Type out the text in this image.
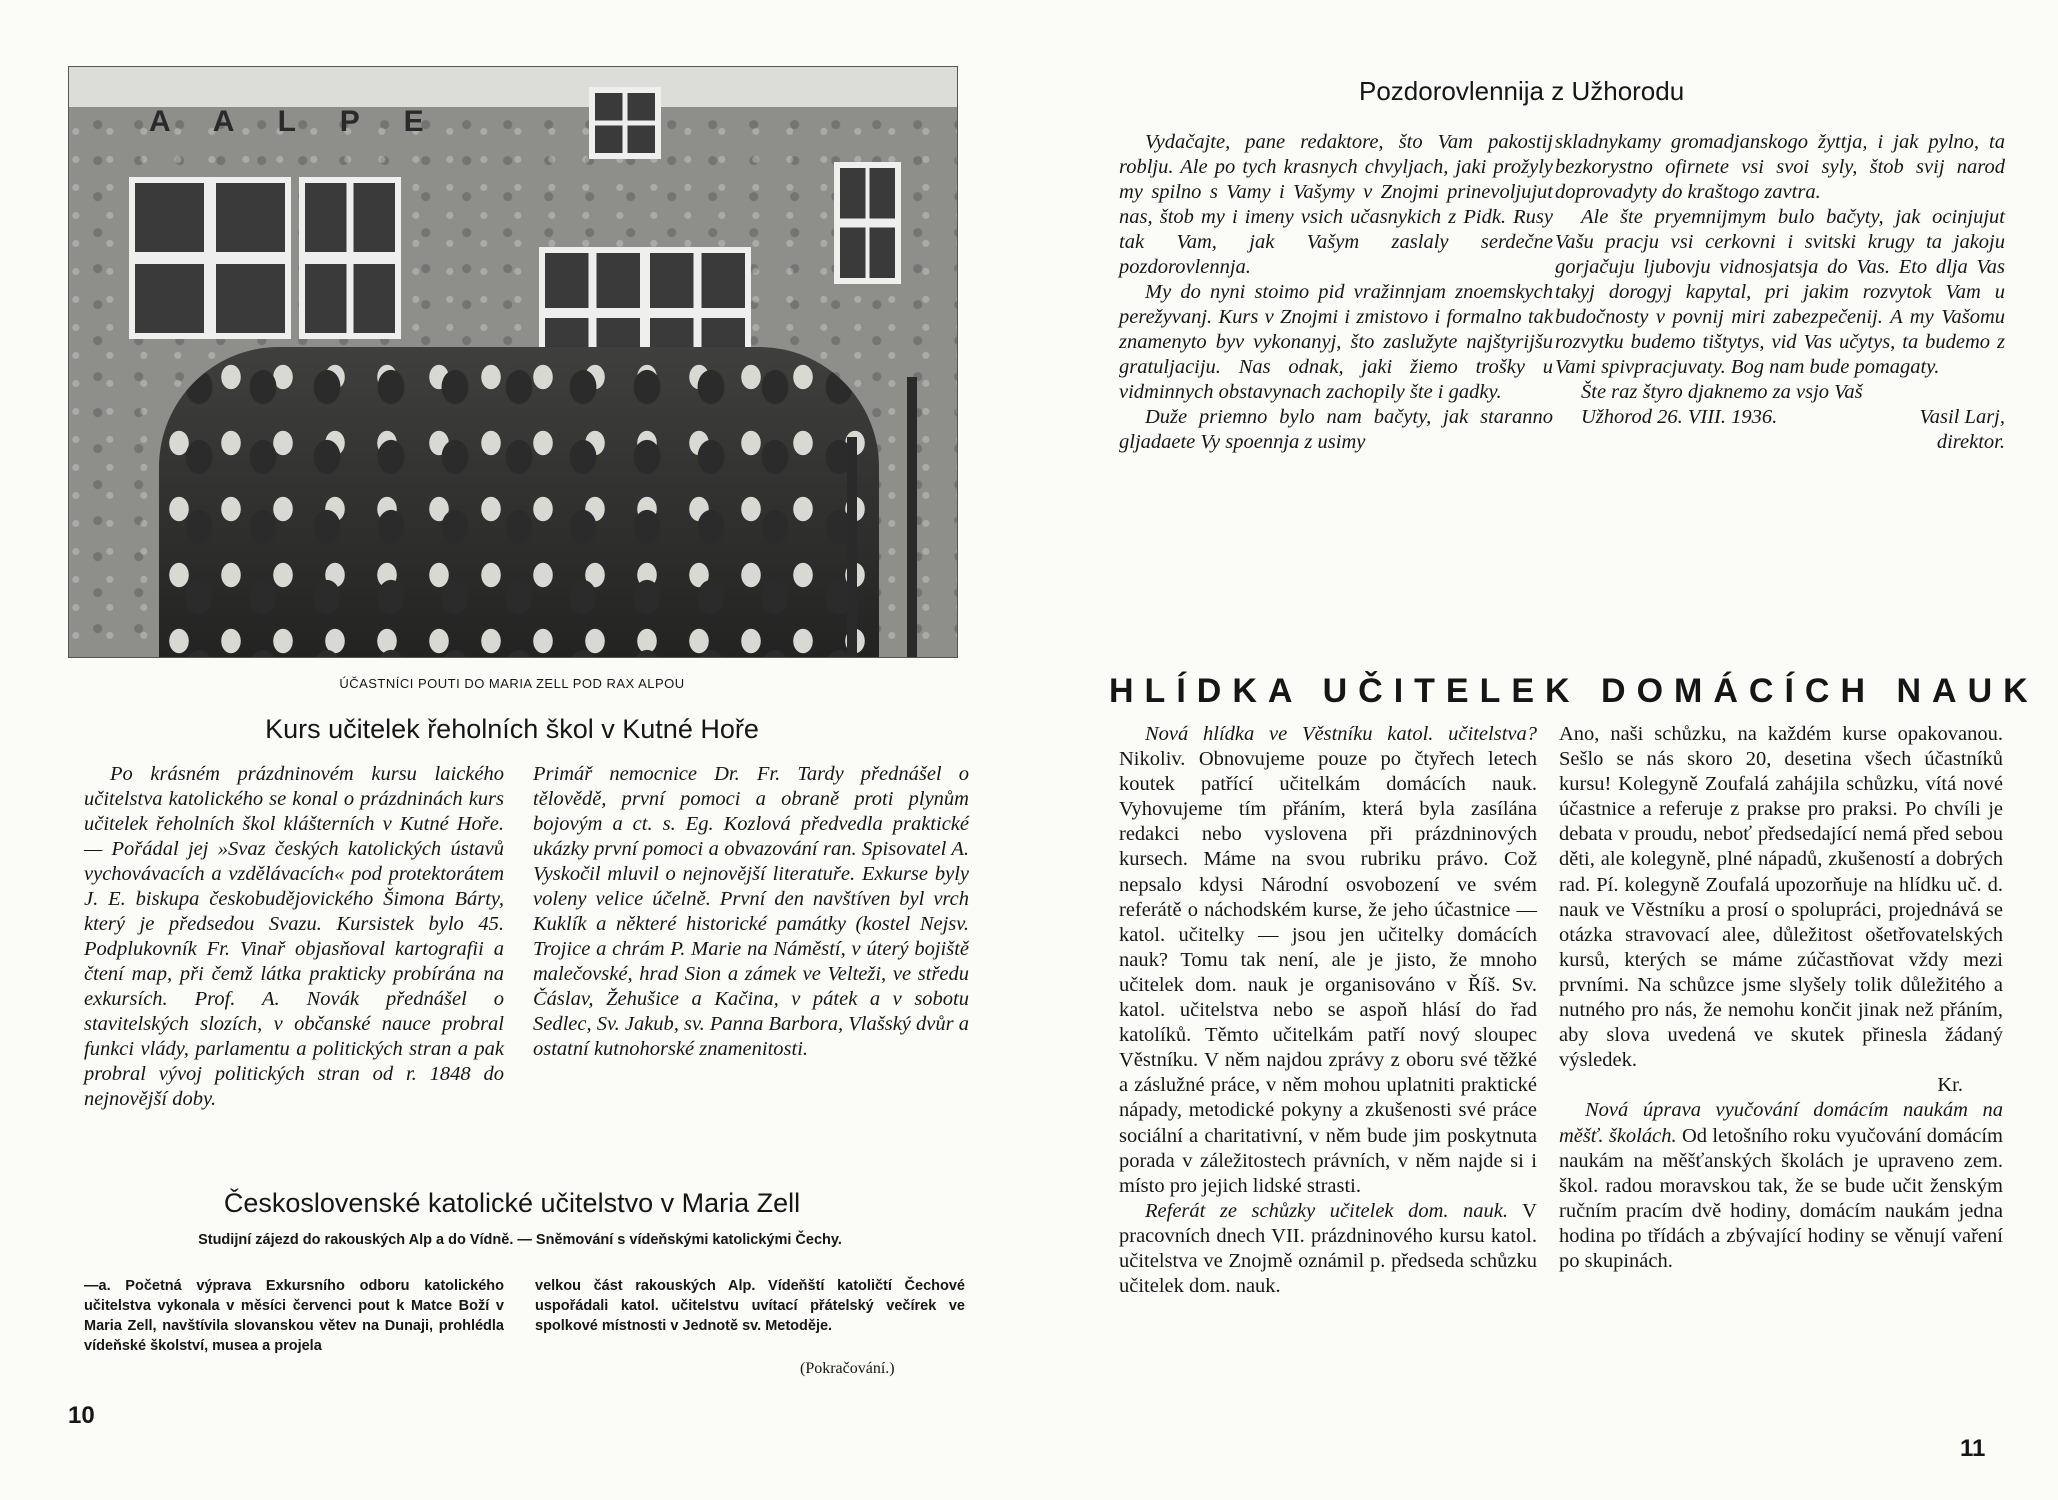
A A L P E
ÚČASTNÍCI POUTI DO MARIA ZELL POD RAX ALPOU
Kurs učitelek řeholních škol v Kutné Hoře

Po krásném prázdninovém kursu laického učitelstva katolického se konal o prázdninách kurs učitelek řeholních škol klášterních v Kutné Hoře. — Pořádal jej »Svaz českých katolických ústavů vychovávacích a vzdělávacích« pod protektorátem J. E. biskupa českobudějovického Šimona Bárty, který je předsedou Svazu. Kursistek bylo 45. Podplukovník Fr. Vinař objasňoval kartografii a čtení map, při čemž látka prakticky probírána na exkursích. Prof. A. Novák přednášel o stavitelských slozích, v občanské nauce probral funkci vlády, parlamentu a politických stran a pak probral vývoj politických stran od r. 1848 do nejnovější doby.

Primář nemocnice Dr. Fr. Tardy přednášel o tělovědě, první pomoci a obraně proti plynům bojovým a ct. s. Eg. Kozlová předvedla praktické ukázky první pomoci a obvazování ran. Spisovatel A. Vyskočil mluvil o nejnovější literatuře. Exkurse byly voleny velice účelně. První den navštíven byl vrch Kuklík a některé historické památky (kostel Nejsv. Trojice a chrám P. Marie na Náměstí, v úterý bojiště malečovské, hrad Sion a zámek ve Velteži, ve středu Čáslav, Žehušice a Kačina, v pátek a v sobotu Sedlec, Sv. Jakub, sv. Panna Barbora, Vlašský dvůr a ostatní kutnohorské znamenitosti.

Československé katolické učitelstvo v Maria Zell

Studijní zájezd do rakouských Alp a do Vídně. — Sněmování s vídeňskými katolickými Čechy.

—a. Početná výprava Exkursního odboru katolického učitelstva vykonala v měsíci červenci pout k Matce Boží v Maria Zell, navštívila slovanskou větev na Dunaji, prohlédla vídeňské školství, musea a projela

velkou část rakouských Alp. Vídeňští katoličtí Čechové uspořádali katol. učitelstvu uvítací přátelský večírek ve spolkové místnosti v Jednotě sv. Metoděje.

(Pokračování.)
10
Pozdorovlennija z Užhorodu

Vydačajte, pane redaktore, što Vam pakostij roblju. Ale po tych krasnych chvyljach, jaki prožyly my spilno s Vamy i Vašymy v Znojmi prinevoljujut nas, štob my i imeny vsich učasnykich z Pidk. Rusy tak Vam, jak Vašym zaslaly serdečne pozdorovlennja.

My do nyni stoimo pid vražinnjam znoemskych perežyvanj. Kurs v Znojmi i zmistovo i formalno tak znamenyto byv vykonanyj, što zaslužyte najštyrijšu gratuljaciju. Nas odnak, jaki žiemo trošky u vidminnych obstavynach zachopily šte i gadky.

Duže priemno bylo nam bačyty, jak staranno gljadaete Vy spoennja z usimy

skladnykamy gromadjanskogo žyttja, i jak pylno, ta bezkorystno ofirnete vsi svoi syly, štob svij narod doprovadyty do kraštogo zavtra.

Ale šte pryemnijmym bulo bačyty, jak ocinjujut Vašu pracju vsi cerkovni i svitski krugy ta jakoju gorjačuju ljubovju vidnosjatsja do Vas. Eto dlja Vas takyj dorogyj kapytal, pri jakim rozvytok Vam u budočnosty v povnij miri zabezpečenij. A my Vašomu rozvytku budemo tištytys, vid Vas učytys, ta budemo z Vami spivpracjuvaty. Bog nam bude pomagaty.

Šte raz štyro djaknemo za vsjo Vaš

Užhorod 26. VIII. 1936.	Vasil Larj,
direktor.
HLÍDKA UČITELEK DOMÁCÍCH NAUK

Nová hlídka ve Věstníku katol. učitelstva? Nikoliv. Obnovujeme pouze po čtyřech letech koutek patřící učitelkám domácích nauk. Vyhovujeme tím přáním, která byla zasílána redakci nebo vyslovena při prázdninových kursech. Máme na svou rubriku právo. Což nepsalo kdysi Národní osvobození ve svém referátě o náchodském kurse, že jeho účastnice — katol. učitelky — jsou jen učitelky domácích nauk? Tomu tak není, ale je jisto, že mnoho učitelek dom. nauk je organisováno v Říš. Sv. katol. učitelstva nebo se aspoň hlásí do řad katolíků. Těmto učitelkám patří nový sloupec Věstníku. V něm najdou zprávy z oboru své těžké a záslužné práce, v něm mohou uplatniti praktické nápady, metodické pokyny a zkušenosti své práce sociální a charitativní, v něm bude jim poskytnuta porada v záležitostech právních, v něm najde si i místo pro jejich lidské strasti.

Referát ze schůzky učitelek dom. nauk. V pracovních dnech VII. prázdninového kursu katol. učitelstva ve Znojmě oznámil p. předseda schůzku učitelek dom. nauk.

Ano, naši schůzku, na každém kurse opakovanou. Sešlo se nás skoro 20, desetina všech účastníků kursu! Kolegyně Zoufalá zahájila schůzku, vítá nové účastnice a referuje z prakse pro praksi. Po chvíli je debata v proudu, neboť předsedající nemá před sebou děti, ale kolegyně, plné nápadů, zkušeností a dobrých rad. Pí. kolegyně Zoufalá upozorňuje na hlídku uč. d. nauk ve Věstníku a prosí o spolupráci, projednává se otázka stravovací alee, důležitost ošetřovatelských kursů, kterých se máme zúčastňovat vždy mezi prvními. Na schůzce jsme slyšely tolik důležitého a nutného pro nás, že nemohu končit jinak než přáním, aby slova uvedená ve skutek přinesla žádaný výsledek.

Kr.

Nová úprava vyučování domácím naukám na měšť. školách. Od letošního roku vyučování domácím naukám na měšťanských školách je upraveno zem. škol. radou moravskou tak, že se bude učit ženským ručním pracím dvě hodiny, domácím naukám jedna hodina po třídách a zbývající hodiny se věnují vaření po skupinách.

11
